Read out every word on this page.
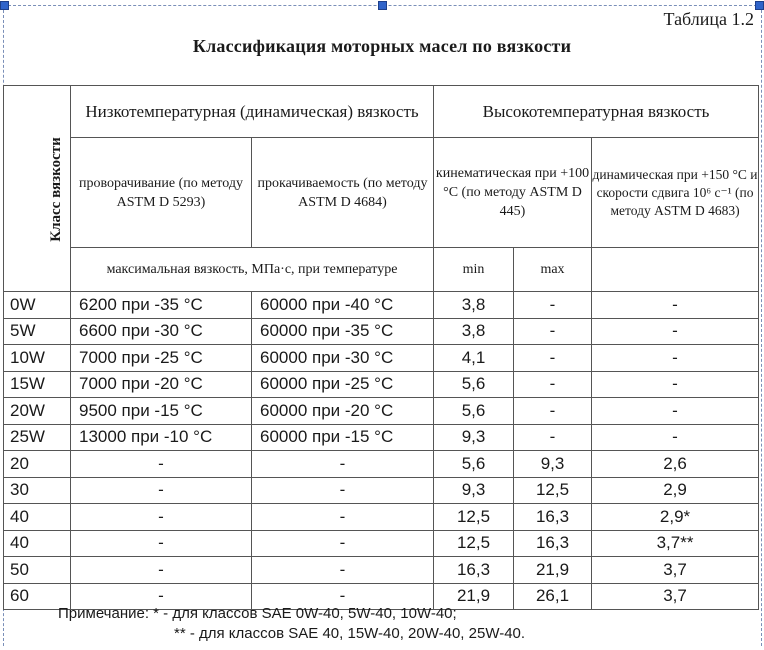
Таблица 1.2
Классификация моторных масел по вязкости
Класс вязкости	Низкотемпературная (динамическая) вязкость		Высокотемпературная вязкость		
	проворачивание (по методу ASTM D 5293)	прокачиваемость (по методу ASTM D 4684)	кинематическая при +100 °С (по методу ASTM D 445)		динамическая при +150 °С и скорости сдвига 10⁶ с⁻¹ (по методу ASTM D 4683)
	максимальная вязкость, МПа·с, при температуре		min	max	
0W	6200 при -35 °С	60000 при -40 °С	3,8	-	-
5W	6600 при -30 °С	60000 при -35 °С	3,8	-	-
10W	7000 при -25 °С	60000 при -30 °С	4,1	-	-
15W	7000 при -20 °С	60000 при -25 °С	5,6	-	-
20W	9500 при -15 °С	60000 при -20 °С	5,6	-	-
25W	13000 при -10 °С	60000 при -15 °С	9,3	-	-
20	-	-	5,6	9,3	2,6
30	-	-	9,3	12,5	2,9
40	-	-	12,5	16,3	2,9*
40	-	-	12,5	16,3	3,7**
50	-	-	16,3	21,9	3,7
60	-	-	21,9	26,1	3,7
Примечание: * - для классов SAE 0W-40, 5W-40, 10W-40;
** - для классов SAE 40, 15W-40, 20W-40, 25W-40.
